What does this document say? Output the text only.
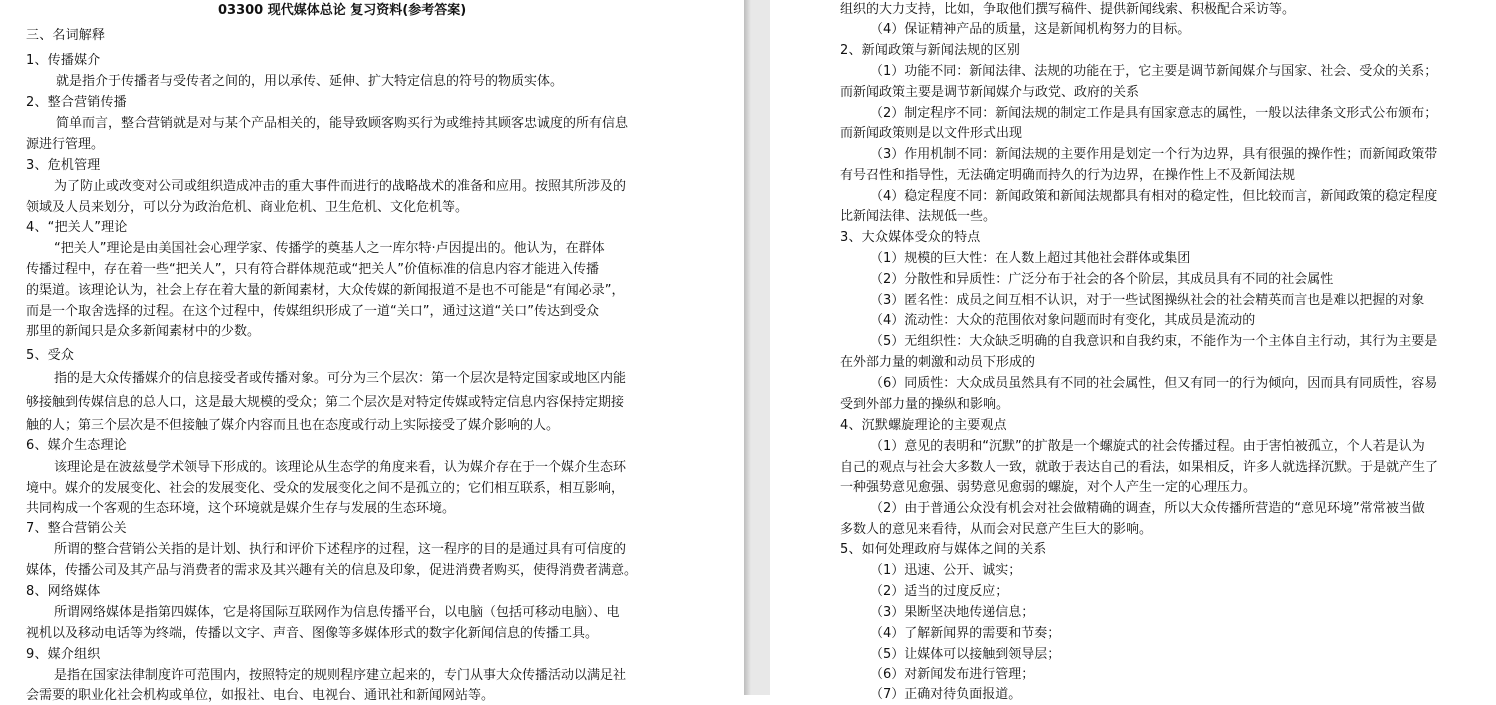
03300 现代媒体总论 复习资料(参考答案)
三、名词解释
1、传播媒介
就是指介于传播者与受传者之间的，用以承传、延伸、扩大特定信息的符号的物质实体。
2、整合营销传播
简单而言，整合营销就是对与某个产品相关的，能导致顾客购买行为或维持其顾客忠诚度的所有信息
源进行管理。
3、危机管理
为了防止或改变对公司或组织造成冲击的重大事件而进行的战略战术的准备和应用。按照其所涉及的
领域及人员来划分，可以分为政治危机、商业危机、卫生危机、文化危机等。
4、“把关人”理论
“把关人”理论是由美国社会心理学家、传播学的奠基人之一库尔特·卢因提出的。他认为，在群体
传播过程中，存在着一些“把关人”，只有符合群体规范或“把关人”价值标准的信息内容才能进入传播
的渠道。该理论认为，社会上存在着大量的新闻素材，大众传媒的新闻报道不是也不可能是“有闻必录”，
而是一个取舍选择的过程。在这个过程中，传媒组织形成了一道“关口”，通过这道“关口”传达到受众
那里的新闻只是众多新闻素材中的少数。
5、受众
指的是大众传播媒介的信息接受者或传播对象。可分为三个层次：第一个层次是特定国家或地区内能
够接触到传媒信息的总人口，这是最大规模的受众；第二个层次是对特定传媒或特定信息内容保持定期接
触的人；第三个层次是不但接触了媒介内容而且也在态度或行动上实际接受了媒介影响的人。
6、媒介生态理论
该理论是在波兹曼学术领导下形成的。该理论从生态学的角度来看，认为媒介存在于一个媒介生态环
境中。媒介的发展变化、社会的发展变化、受众的发展变化之间不是孤立的；它们相互联系，相互影响，
共同构成一个客观的生态环境，这个环境就是媒介生存与发展的生态环境。
7、整合营销公关
所谓的整合营销公关指的是计划、执行和评价下述程序的过程，这一程序的目的是通过具有可信度的
媒体，传播公司及其产品与消费者的需求及其兴趣有关的信息及印象，促进消费者购买，使得消费者满意。
8、网络媒体
所谓网络媒体是指第四媒体，它是将国际互联网作为信息传播平台，以电脑（包括可移动电脑）、电
视机以及移动电话等为终端，传播以文字、声音、图像等多媒体形式的数字化新闻信息的传播工具。
9、媒介组织
是指在国家法律制度许可范围内，按照特定的规则程序建立起来的，专门从事大众传播活动以满足社
会需要的职业化社会机构或单位，如报社、电台、电视台、通讯社和新闻网站等。
组织的大力支持，比如，争取他们撰写稿件、提供新闻线索、积极配合采访等。
（4）保证精神产品的质量，这是新闻机构努力的目标。
2、新闻政策与新闻法规的区别
（1）功能不同：新闻法律、法规的功能在于，它主要是调节新闻媒介与国家、社会、受众的关系；
而新闻政策主要是调节新闻媒介与政党、政府的关系
（2）制定程序不同：新闻法规的制定工作是具有国家意志的属性，一般以法律条文形式公布颁布；
而新闻政策则是以文件形式出现
（3）作用机制不同：新闻法规的主要作用是划定一个行为边界，具有很强的操作性；而新闻政策带
有号召性和指导性，无法确定明确而持久的行为边界，在操作性上不及新闻法规
（4）稳定程度不同：新闻政策和新闻法规都具有相对的稳定性，但比较而言，新闻政策的稳定程度
比新闻法律、法规低一些。
3、大众媒体受众的特点
（1）规模的巨大性：在人数上超过其他社会群体或集团
（2）分散性和异质性：广泛分布于社会的各个阶层，其成员具有不同的社会属性
（3）匿名性：成员之间互相不认识，对于一些试图操纵社会的社会精英而言也是难以把握的对象
（4）流动性：大众的范围依对象问题而时有变化，其成员是流动的
（5）无组织性：大众缺乏明确的自我意识和自我约束，不能作为一个主体自主行动，其行为主要是
在外部力量的刺激和动员下形成的
（6）同质性：大众成员虽然具有不同的社会属性，但又有同一的行为倾向，因而具有同质性，容易
受到外部力量的操纵和影响。
4、沉默螺旋理论的主要观点
（1）意见的表明和“沉默”的扩散是一个螺旋式的社会传播过程。由于害怕被孤立，个人若是认为
自己的观点与社会大多数人一致，就敢于表达自己的看法，如果相反，许多人就选择沉默。于是就产生了
一种强势意见愈强、弱势意见愈弱的螺旋，对个人产生一定的心理压力。
（2）由于普通公众没有机会对社会做精确的调查，所以大众传播所营造的“意见环境”常常被当做
多数人的意见来看待，从而会对民意产生巨大的影响。
5、如何处理政府与媒体之间的关系
（1）迅速、公开、诚实；
（2）适当的过度反应；
（3）果断坚决地传递信息；
（4）了解新闻界的需要和节奏；
（5）让媒体可以接触到领导层；
（6）对新闻发布进行管理；
（7）正确对待负面报道。
